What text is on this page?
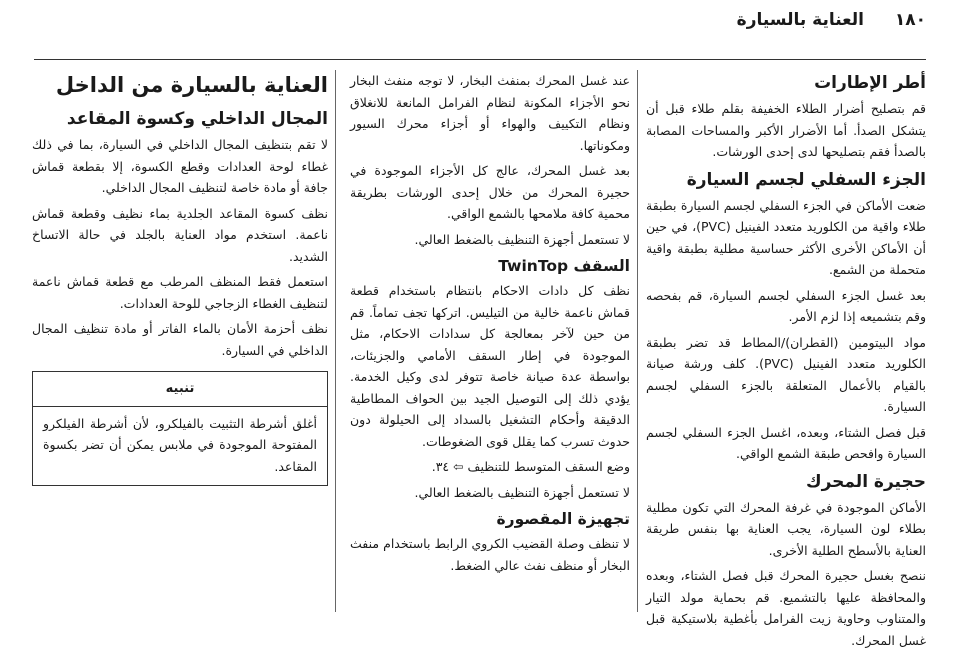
١٨٠
العناية بالسيارة
أطر الإطارات

قم بتصليح أضرار الطلاء الخفيفة بقلم طلاء قبل أن يتشكل الصدأ. أما الأضرار الأكبر والمساحات المصابة بالصدأ فقم بتصليحها لدى إحدى الورشات.

الجزء السفلي لجسم السيارة

ضعت الأماكن في الجزء السفلي لجسم السيارة بطبقة طلاء واقية من الكلوريد متعدد الفينيل (PVC)، في حين أن الأماكن الأخرى الأكثر حساسية مطلية بطبقة واقية متحملة من الشمع.

بعد غسل الجزء السفلي لجسم السيارة، قم بفحصه وقم بتشميعه إذا لزم الأمر.

مواد البيتومين (القطران)/المطاط قد تضر بطبقة الكلوريد متعدد الفينيل (PVC). كلف ورشة صيانة بالقيام بالأعمال المتعلقة بالجزء السفلي لجسم السيارة.

قبل فصل الشتاء، وبعده، اغسل الجزء السفلي لجسم السيارة وافحص طبقة الشمع الواقي.

حجيرة المحرك

الأماكن الموجودة في غرفة المحرك التي تكون مطلية بطلاء لون السيارة، يجب العناية بها بنفس طريقة العناية بالأسطح الطلية الأخرى.

ننصح بغسل حجيرة المحرك قبل فصل الشتاء، وبعده والمحافظة عليها بالتشميع. قم بحماية مولد التيار والمتناوب وحاوية زيت الفرامل بأغطية بلاستيكية قبل غسل المحرك.

عند غسل المحرك بمنفث البخار، لا توجه منفث البخار نحو الأجزاء المكونة لنظام الفرامل المانعة للانغلاق ونظام التكييف والهواء أو أجزاء محرك السيور ومكوناتها.

بعد غسل المحرك، عالج كل الأجزاء الموجودة في حجيرة المحرك من خلال إحدى الورشات بطريقة محمية كافة ملامحها بالشمع الواقي.

لا تستعمل أجهزة التنظيف بالضغط العالي.

السقف TwinTop

نظف كل دادات الاحكام بانتظام باستخدام قطعة قماش ناعمة خالية من التيليس. اتركها تجف تماماً. قم من حين لآخر بمعالجة كل سدادات الاحكام، مثل الموجودة في إطار السقف الأمامي والجزيئات، بواسطة عدة صيانة خاصة تتوفر لدى وكيل الخدمة. يؤدي ذلك إلى التوصيل الجيد بين الحواف المطاطية الدقيقة وأحكام التشغيل بالسداد إلى الحيلولة دون حدوث تسرب كما يقلل قوى الضغوطات.

وضع السقف المتوسط للتنظيف ⇦ ٣٤.

لا تستعمل أجهزة التنظيف بالضغط العالي.

تجهيزة المقصورة

لا تنظف وصلة القضيب الكروي الرابط باستخدام منفث البخار أو منظف نفث عالي الضغط.

العناية بالسيارة من الداخل
المجال الداخلي وكسوة المقاعد

لا تقم بتنظيف المجال الداخلي في السيارة، بما في ذلك غطاء لوحة العدادات وقطع الكسوة، إلا بقطعة قماش جافة أو مادة خاصة لتنظيف المجال الداخلي.

نظف كسوة المقاعد الجلدية بماء نظيف وقطعة قماش ناعمة. استخدم مواد العناية بالجلد في حالة الاتساخ الشديد.

استعمل فقط المنظف المرطب مع قطعة قماش ناعمة لتنظيف الغطاء الزجاجي للوحة العدادات.

نظف أحزمة الأمان بالماء الفاتر أو مادة تنظيف المجال الداخلي في السيارة.

تنبيه
أغلق أشرطة التثبيت بالفيلكرو، لأن أشرطة الفيلكرو المفتوحة الموجودة في ملابس يمكن أن تضر بكسوة المقاعد.
